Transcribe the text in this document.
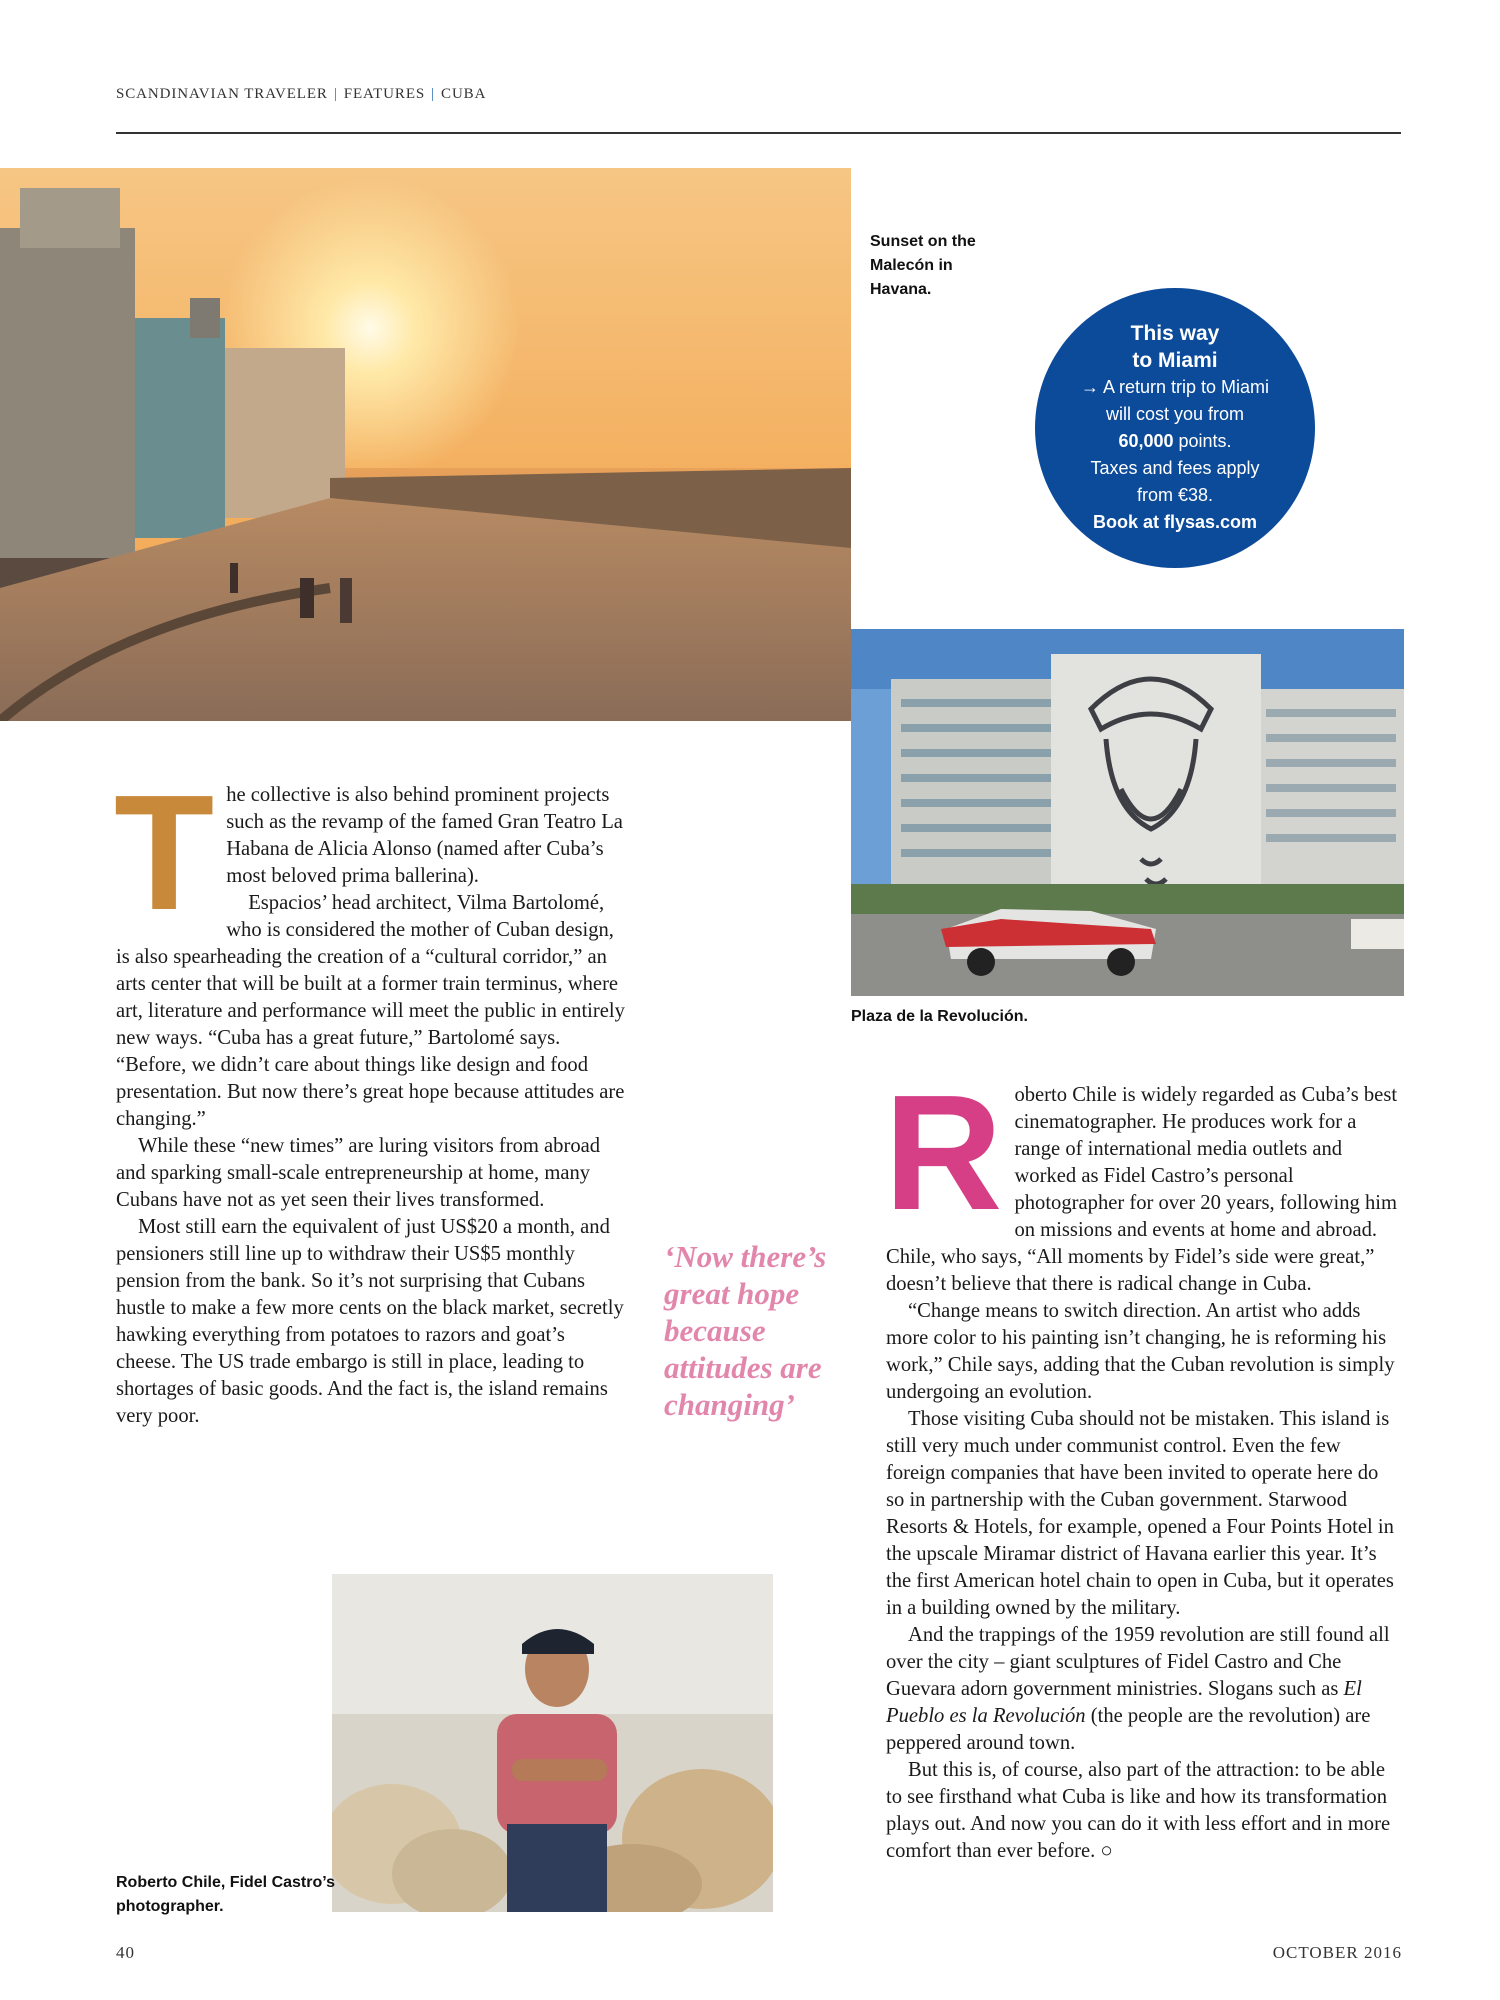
SCANDINAVIAN TRAVELER | FEATURES | CUBA
Sunset on the Malecón in Havana.
This way
to Miami
→ A return trip to Miami
will cost you from
60,000 points.
Taxes and fees apply
from €38.
Book at flysas.com
Plaza de la Revolución.

The collective is also behind prominent projects such as the revamp of the famed Gran Teatro La Habana de Alicia Alonso (named after Cuba’s most beloved prima ballerina).

Espacios’ head architect, Vilma Bartolomé, who is considered the mother of Cuban design, is also spearheading the creation of a “cultural corridor,” an arts center that will be built at a former train terminus, where art, literature and performance will meet the public in entirely new ways. “Cuba has a great future,” Bartolomé says. “Before, we didn’t care about things like design and food presentation. But now there’s great hope because attitudes are changing.”

While these “new times” are luring visitors from abroad and sparking small-scale entrepreneurship at home, many Cubans have not as yet seen their lives transformed.

Most still earn the equivalent of just US$20 a month, and pensioners still line up to withdraw their US$5 monthly pension from the bank. So it’s not surprising that Cubans hustle to make a few more cents on the black market, secretly hawking everything from potatoes to razors and goat’s cheese. The US trade embargo is still in place, leading to shortages of basic goods. And the fact is, the island remains very poor.

‘Now there’s great hope because attitudes are changing’

Roberto Chile is widely regarded as Cuba’s best cinematographer. He produces work for a range of international media outlets and worked as Fidel Castro’s personal photographer for over 20 years, following him on missions and events at home and abroad. Chile, who says, “All moments by Fidel’s side were great,” doesn’t believe that there is radical change in Cuba.

“Change means to switch direction. An artist who adds more color to his painting isn’t changing, he is reforming his work,” Chile says, adding that the Cuban revolution is simply undergoing an evolution.

Those visiting Cuba should not be mistaken. This island is still very much under communist control. Even the few foreign companies that have been invited to operate here do so in partnership with the Cuban government. Starwood Resorts & Hotels, for example, opened a Four Points Hotel in the upscale Miramar district of Havana earlier this year. It’s the first American hotel chain to open in Cuba, but it operates in a building owned by the military.

And the trappings of the 1959 revolution are still found all over the city – giant sculptures of Fidel Castro and Che Guevara adorn government ministries. Slogans such as El Pueblo es la Revolución (the people are the revolution) are peppered around town.

But this is, of course, also part of the attraction: to be able to see firsthand what Cuba is like and how its transformation plays out. And now you can do it with less effort and in more comfort than ever before. ○

Roberto Chile, Fidel Castro’s photographer.
40	OCTOBER 2016
